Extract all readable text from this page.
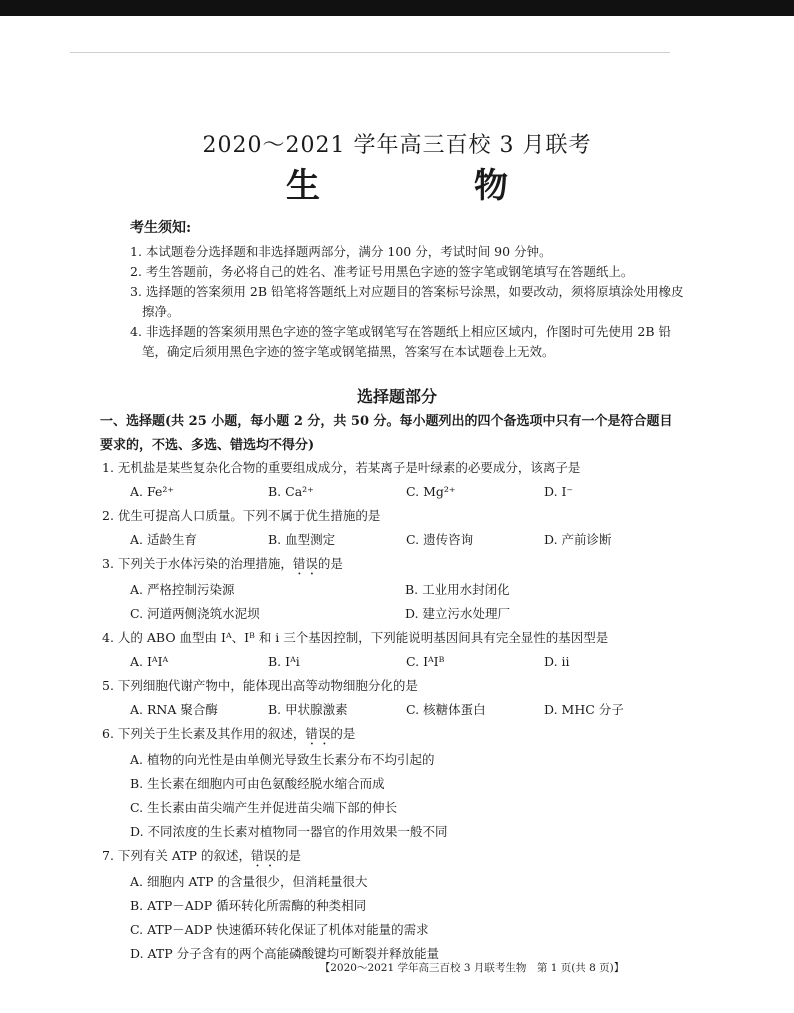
2020～2021 学年高三百校 3 月联考
生　物
考生须知:
1. 本试题卷分选择题和非选择题两部分，满分 100 分，考试时间 90 分钟。
2. 考生答题前，务必将自己的姓名、准考证号用黑色字迹的签字笔或钢笔填写在答题纸上。
3. 选择题的答案须用 2B 铅笔将答题纸上对应题目的答案标号涂黑，如要改动，须将原填涂处用橡皮擦净。
4. 非选择题的答案须用黑色字迹的签字笔或钢笔写在答题纸上相应区域内，作图时可先使用 2B 铅笔，确定后须用黑色字迹的签字笔或钢笔描黑，答案写在本试题卷上无效。
选择题部分
一、选择题(共 25 小题，每小题 2 分，共 50 分。每小题列出的四个备选项中只有一个是符合题目要求的，不选、多选、错选均不得分)
1. 无机盐是某些复杂化合物的重要组成成分，若某离子是叶绿素的必要成分，该离子是
A. Fe²⁺	B. Ca²⁺	C. Mg²⁺	D. I⁻
2. 优生可提高人口质量。下列不属于优生措施的是
A. 适龄生育	B. 血型测定	C. 遗传咨询	D. 产前诊断
3. 下列关于水体污染的治理措施，错误的是
A. 严格控制污染源	B. 工业用水封闭化
C. 河道两侧浇筑水泥坝	D. 建立污水处理厂
4. 人的 ABO 血型由 Iᴬ、Iᴮ 和 i 三个基因控制，下列能说明基因间具有完全显性的基因型是
A. IᴬIᴬ	B. Iᴬi	C. IᴬIᴮ	D. ii
5. 下列细胞代谢产物中，能体现出高等动物细胞分化的是
A. RNA 聚合酶	B. 甲状腺激素	C. 核糖体蛋白	D. MHC 分子
6. 下列关于生长素及其作用的叙述，错误的是
A. 植物的向光性是由单侧光导致生长素分布不均引起的
B. 生长素在细胞内可由色氨酸经脱水缩合而成
C. 生长素由苗尖端产生并促进苗尖端下部的伸长
D. 不同浓度的生长素对植物同一器官的作用效果一般不同
7. 下列有关 ATP 的叙述，错误的是
A. 细胞内 ATP 的含量很少，但消耗量很大
B. ATP－ADP 循环转化所需酶的种类相同
C. ATP－ADP 快速循环转化保证了机体对能量的需求
D. ATP 分子含有的两个高能磷酸键均可断裂并释放能量
【2020～2021 学年高三百校 3 月联考生物　第 1 页(共 8 页)】
